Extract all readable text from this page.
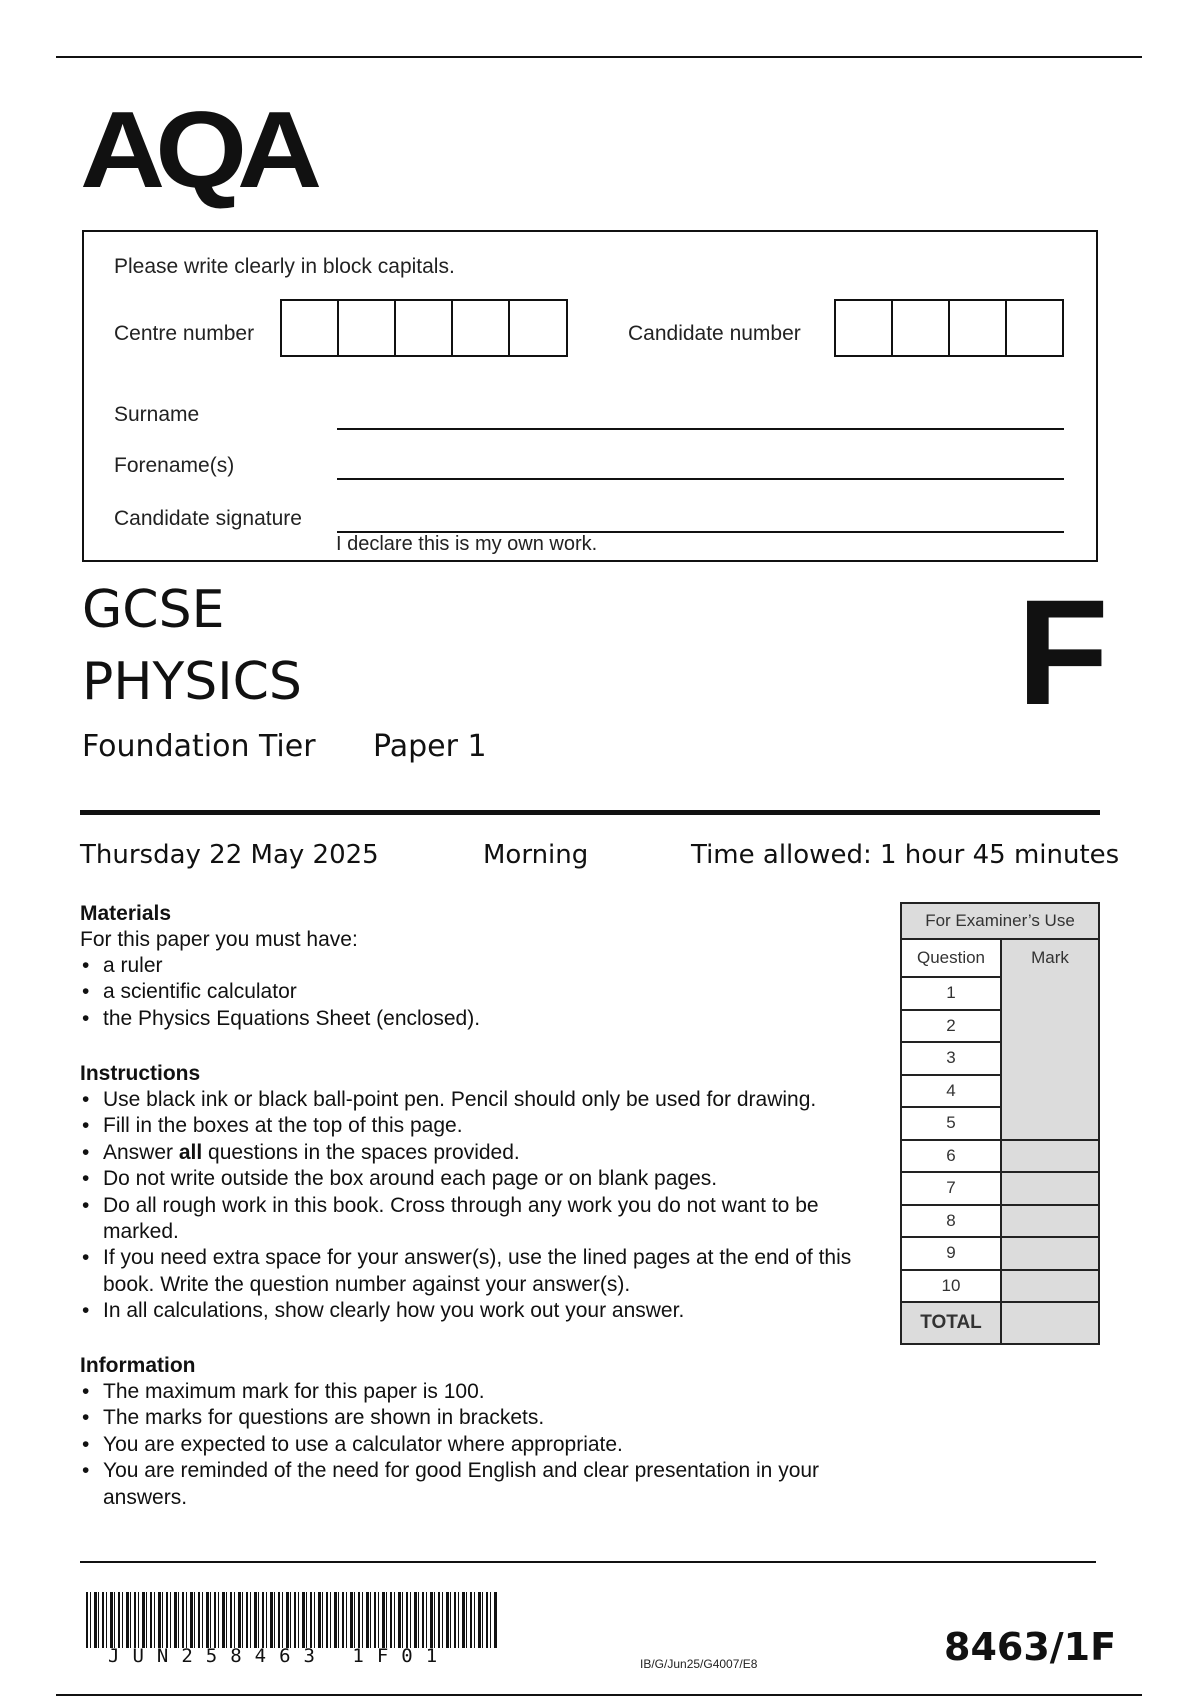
AQA
Please write clearly in block capitals.
Centre number	Candidate number
Surname
Forename(s)
Candidate signature
I declare this is my own work.
GCSE
PHYSICS
Foundation Tier Paper 1
F
Thursday 22 May 2025	Morning	Time allowed: 1 hour 45 minutes

Materials

For this paper you must have:

• a ruler
• a scientific calculator
• the Physics Equations Sheet (enclosed).

Instructions

• Use black ink or black ball-point pen. Pencil should only be used for drawing.
• Fill in the boxes at the top of this page.
• Answer all questions in the spaces provided.
• Do not write outside the box around each page or on blank pages.
• Do all rough work in this book. Cross through any work you do not want to be marked.
• If you need extra space for your answer(s), use the lined pages at the end of this book. Write the question number against your answer(s).
• In all calculations, show clearly how you work out your answer.

Information

• The maximum mark for this paper is 100.
• The marks for questions are shown in brackets.
• You are expected to use a calculator where appropriate.
• You are reminded of the need for good English and clear presentation in your answers.
For Examiner’s Use	
Question	Mark
1	
2	
3	
4	
5	
6	
7	
8	
9	
10	
TOTAL	
JUN258463 1F01	IB/G/Jun25/G4007/E8	8463/1F
